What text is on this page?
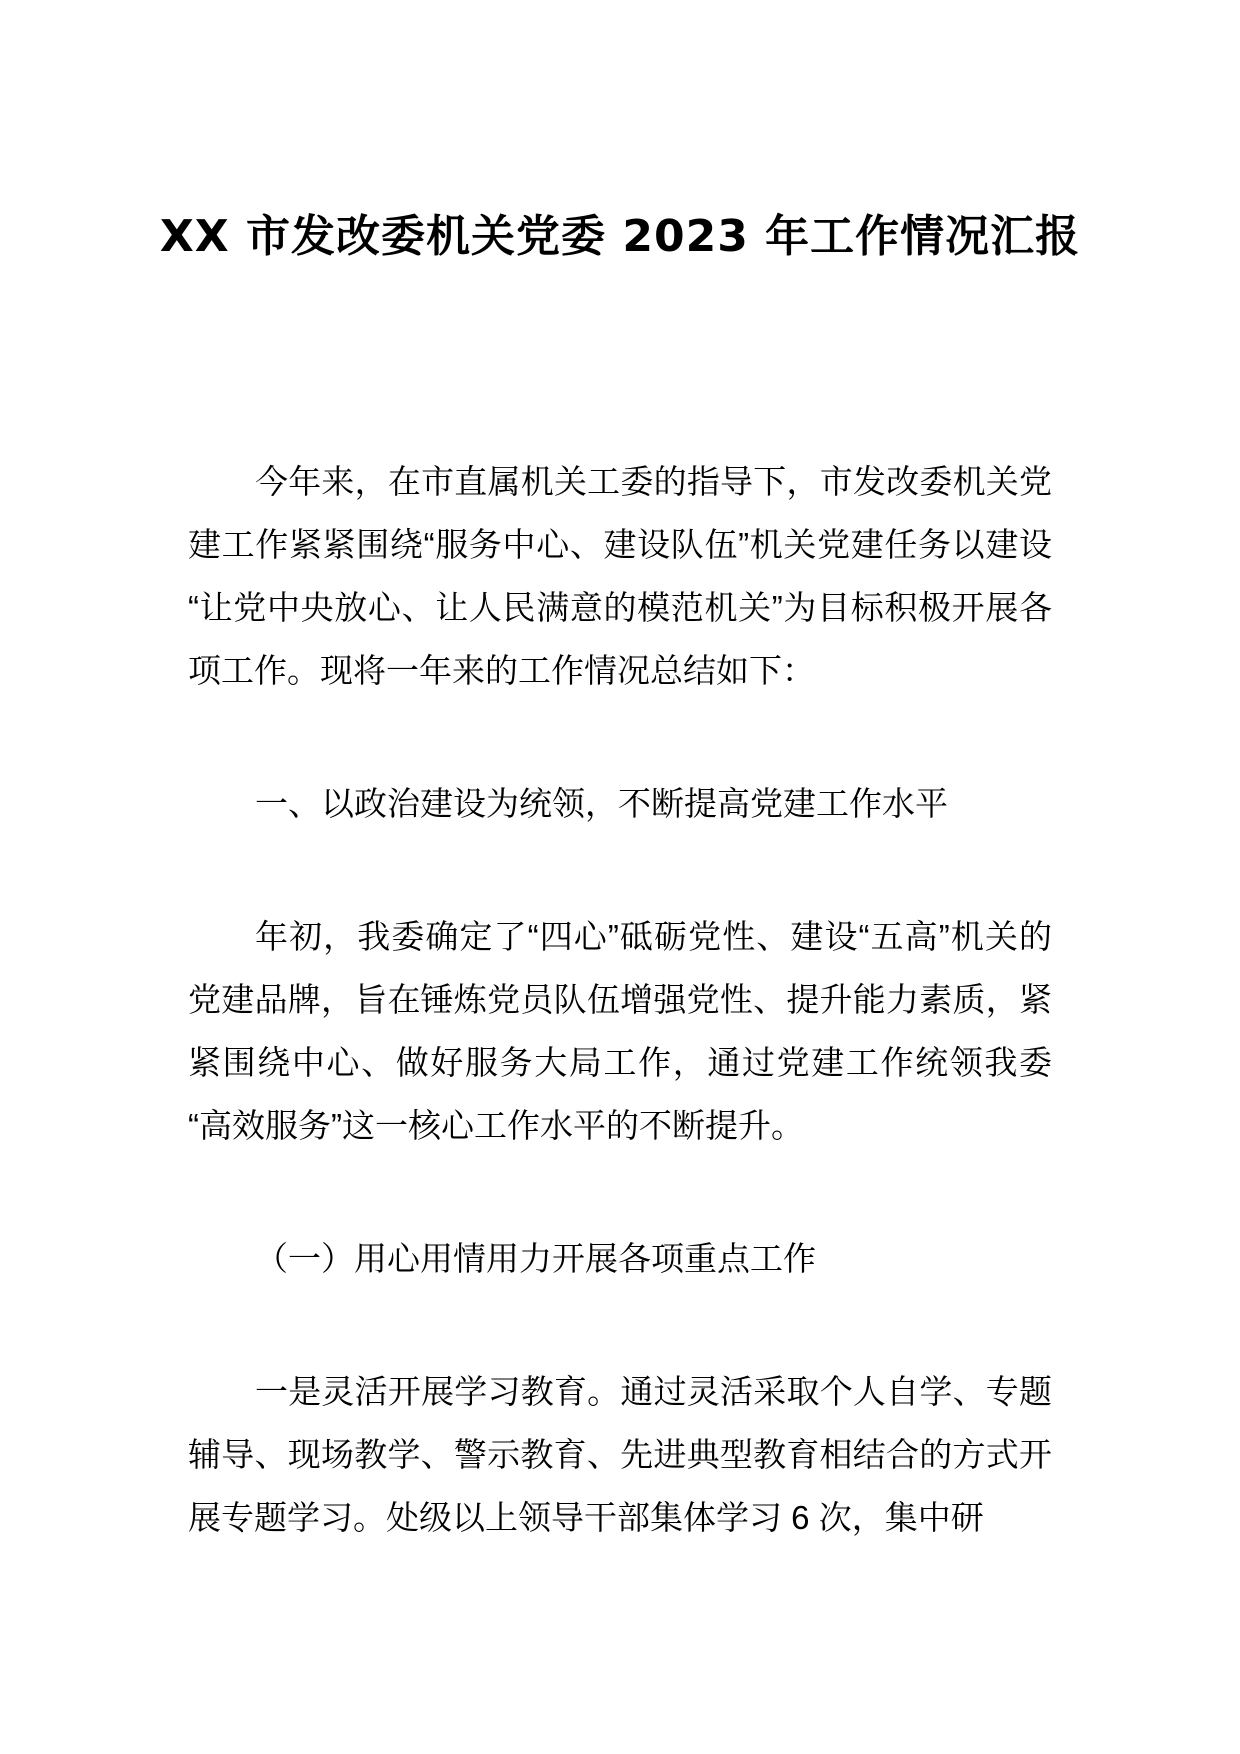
XX 市发改委机关党委 2023 年工作情况汇报

今年来，在市直属机关工委的指导下，市发改委机关党建工作紧紧围绕“服务中心、建设队伍”机关党建任务以建设“让党中央放心、让人民满意的模范机关”为目标积极开展各项工作。现将一年来的工作情况总结如下：

一、以政治建设为统领，不断提高党建工作水平

年初，我委确定了“四心”砥砺党性、建设“五高”机关的党建品牌，旨在锤炼党员队伍增强党性、提升能力素质，紧紧围绕中心、做好服务大局工作，通过党建工作统领我委“高效服务”这一核心工作水平的不断提升。

（一）用心用情用力开展各项重点工作

一是灵活开展学习教育。通过灵活采取个人自学、专题辅导、现场教学、警示教育、先进典型教育相结合的方式开展专题学习。处级以上领导干部集体学习 6 次，集中研
